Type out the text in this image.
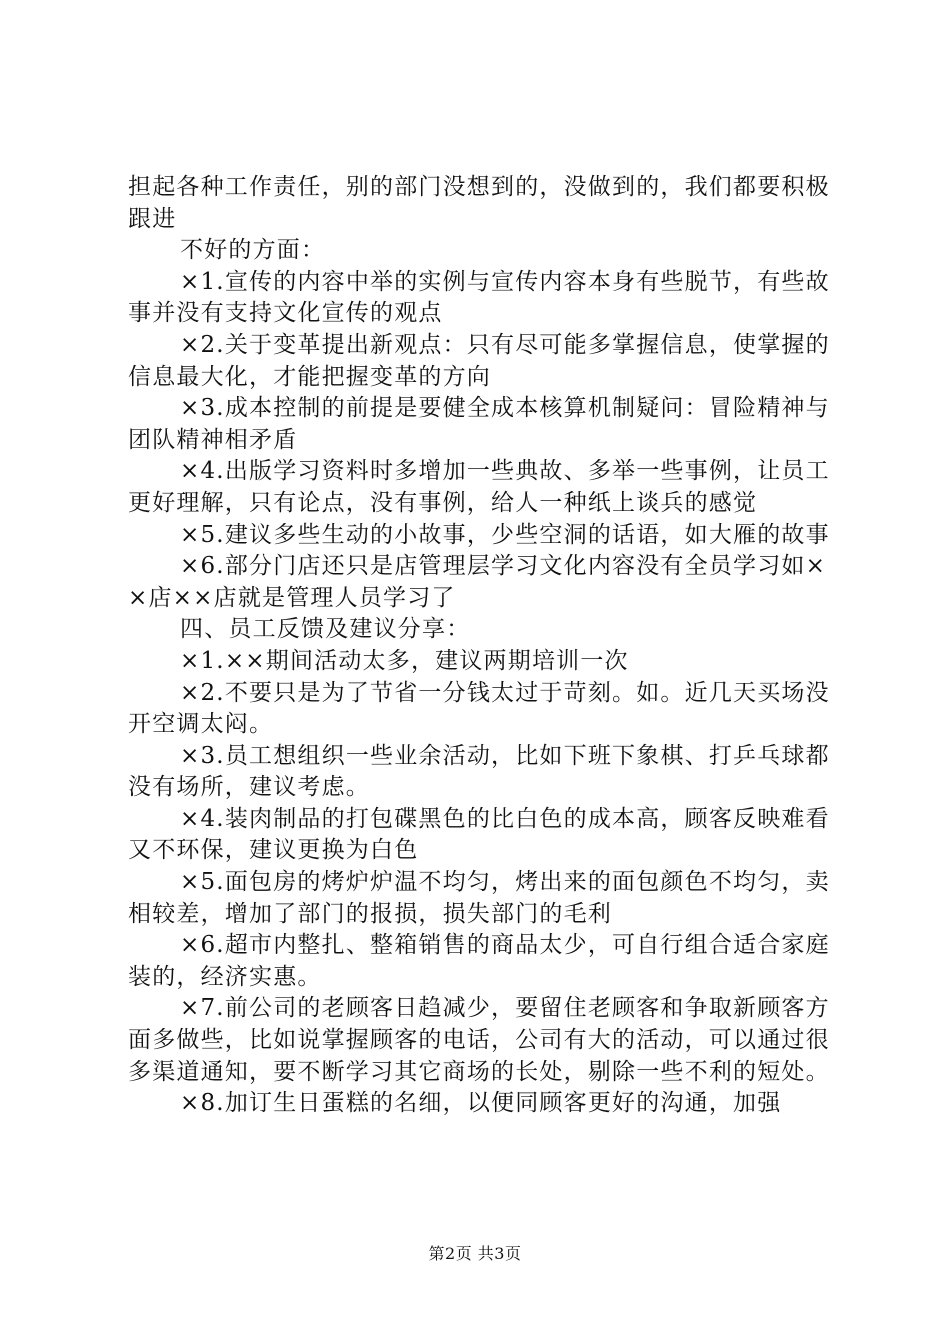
担起各种工作责任，别的部门没想到的，没做到的，我们都要积极跟进

不好的方面：

×1.宣传的内容中举的实例与宣传内容本身有些脱节，有些故事并没有支持文化宣传的观点

×2.关于变革提出新观点：只有尽可能多掌握信息，使掌握的信息最大化，才能把握变革的方向

×3.成本控制的前提是要健全成本核算机制疑问：冒险精神与团队精神相矛盾

×4.出版学习资料时多增加一些典故、多举一些事例，让员工更好理解，只有论点，没有事例，给人一种纸上谈兵的感觉

×5.建议多些生动的小故事，少些空洞的话语，如大雁的故事

×6.部分门店还只是店管理层学习文化内容没有全员学习如××店××店就是管理人员学习了

四、员工反馈及建议分享：

×1.××期间活动太多，建议两期培训一次

×2.不要只是为了节省一分钱太过于苛刻。如。近几天买场没开空调太闷。

×3.员工想组织一些业余活动，比如下班下象棋、打乒乓球都没有场所，建议考虑。

×4.装肉制品的打包碟黑色的比白色的成本高，顾客反映难看又不环保，建议更换为白色

×5.面包房的烤炉炉温不均匀，烤出来的面包颜色不均匀，卖相较差，增加了部门的报损，损失部门的毛利

×6.超市内整扎、整箱销售的商品太少，可自行组合适合家庭装的，经济实惠。

×7.前公司的老顾客日趋减少，要留住老顾客和争取新顾客方面多做些，比如说掌握顾客的电话，公司有大的活动，可以通过很多渠道通知，要不断学习其它商场的长处，剔除一些不利的短处。

×8.加订生日蛋糕的名细，以便同顾客更好的沟通，加强

第2页 共3页
